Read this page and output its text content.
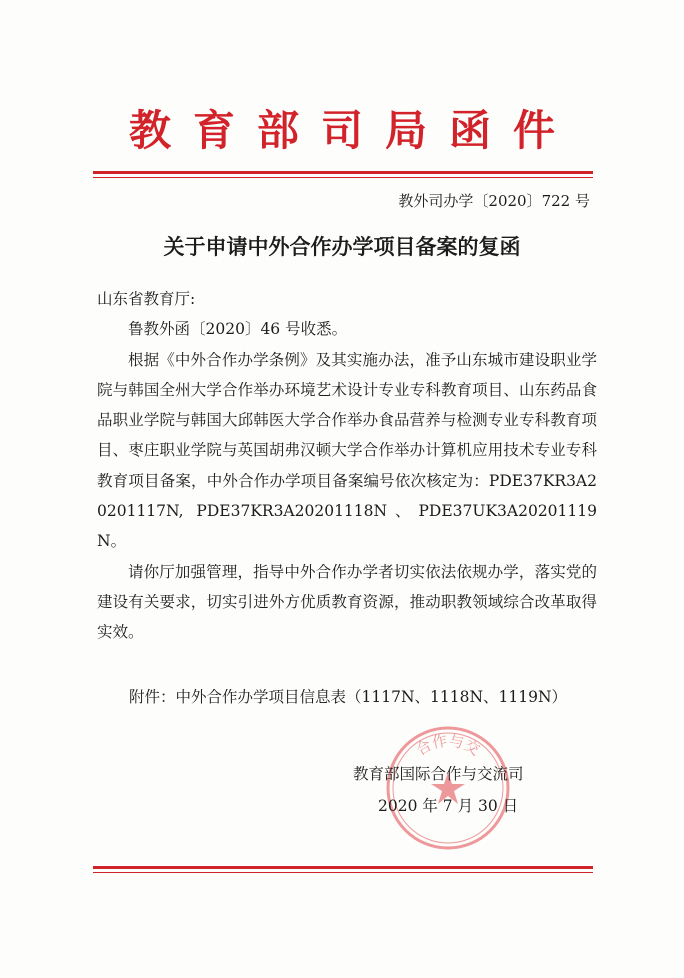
教育部司局函件
教外司办学〔2020〕722 号
关于申请中外合作办学项目备案的复函

山东省教育厅:

鲁教外函〔2020〕46 号收悉。

根据《中外合作办学条例》及其实施办法，准予山东城市建设职业学院与韩国全州大学合作举办环境艺术设计专业专科教育项目、山东药品食品职业学院与韩国大邱韩医大学合作举办食品营养与检测专业专科教育项目、枣庄职业学院与英国胡弗汉顿大学合作举办计算机应用技术专业专科教育项目备案，中外合作办学项目备案编号依次核定为：PDE37KR3A20201117N, PDE37KR3A20201118N、PDE37UK3A20201119N。

请你厅加强管理，指导中外合作办学者切实依法依规办学，落实党的建设有关要求，切实引进外方优质教育资源，推动职教领域综合改革取得实效。

附件：中外合作办学项目信息表（1117N、1118N、1119N）
合作与交
教育部国际合作与交流司
2020 年 7 月 30 日
